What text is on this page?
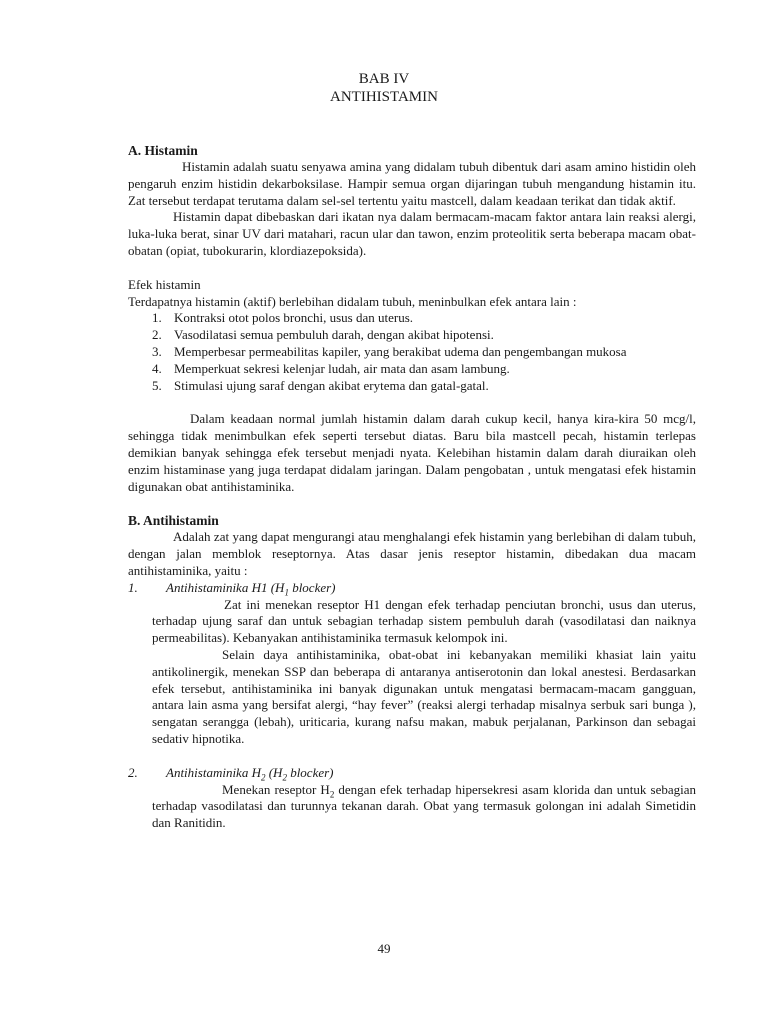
BAB IV
ANTIHISTAMIN
A. Histamin

Histamin adalah suatu senyawa amina yang didalam tubuh dibentuk dari asam amino histidin oleh pengaruh enzim histidin dekarboksilase. Hampir semua organ dijaringan tubuh mengandung histamin itu. Zat tersebut terdapat terutama dalam sel-sel tertentu yaitu mastcell, dalam keadaan terikat dan tidak aktif.

Histamin dapat dibebaskan dari ikatan nya dalam bermacam-macam faktor antara lain reaksi alergi, luka-luka berat, sinar UV dari matahari, racun ular dan tawon, enzim proteolitik serta beberapa macam obat-obatan (opiat, tubokurarin, klordiazepoksida).

Efek histamin

Terdapatnya histamin (aktif) berlebihan didalam tubuh, meninbulkan efek antara lain :

1. Kontraksi otot polos bronchi, usus dan uterus.
2. Vasodilatasi semua pembuluh darah, dengan akibat hipotensi.
3. Memperbesar permeabilitas kapiler, yang berakibat udema dan pengembangan mukosa
4. Memperkuat sekresi kelenjar ludah, air mata dan asam lambung.
5. Stimulasi ujung saraf dengan akibat erytema dan gatal-gatal.

Dalam keadaan normal jumlah histamin dalam darah cukup kecil, hanya kira-kira 50 mcg/l, sehingga tidak menimbulkan efek seperti tersebut diatas. Baru bila mastcell pecah, histamin terlepas demikian banyak sehingga efek tersebut menjadi nyata. Kelebihan histamin dalam darah diuraikan oleh enzim histaminase yang juga terdapat didalam jaringan. Dalam pengobatan , untuk mengatasi efek histamin digunakan obat antihistaminika.

B. Antihistamin

Adalah zat yang dapat mengurangi atau menghalangi efek histamin yang berlebihan di dalam tubuh, dengan jalan memblok reseptornya. Atas dasar jenis reseptor histamin, dibedakan dua macam antihistaminika, yaitu :

1.	Antihistaminika H1 ($H_1$ blocker)

Zat ini menekan reseptor H1 dengan efek terhadap penciutan bronchi, usus dan uterus, terhadap ujung saraf dan untuk sebagian terhadap sistem pembuluh darah (vasodilatasi dan naiknya permeabilitas). Kebanyakan antihistaminika termasuk kelompok ini.

Selain daya antihistaminika, obat-obat ini kebanyakan memiliki khasiat lain yaitu antikolinergik, menekan SSP dan beberapa di antaranya antiserotonin dan lokal anestesi. Berdasarkan efek tersebut, antihistaminika ini banyak digunakan untuk mengatasi bermacam-macam gangguan, antara lain asma yang bersifat alergi, “hay fever” (reaksi alergi terhadap misalnya serbuk sari bunga ), sengatan serangga (lebah), uriticaria, kurang nafsu makan, mabuk perjalanan, Parkinson dan sebagai sedativ hipnotika.

2.	Antihistaminika $H_2$ ($H_2$ blocker)

Menekan reseptor $H_2$ dengan efek terhadap hipersekresi asam klorida dan untuk sebagian terhadap vasodilatasi dan turunnya tekanan darah. Obat yang termasuk golongan ini adalah Simetidin dan Ranitidin.

49
